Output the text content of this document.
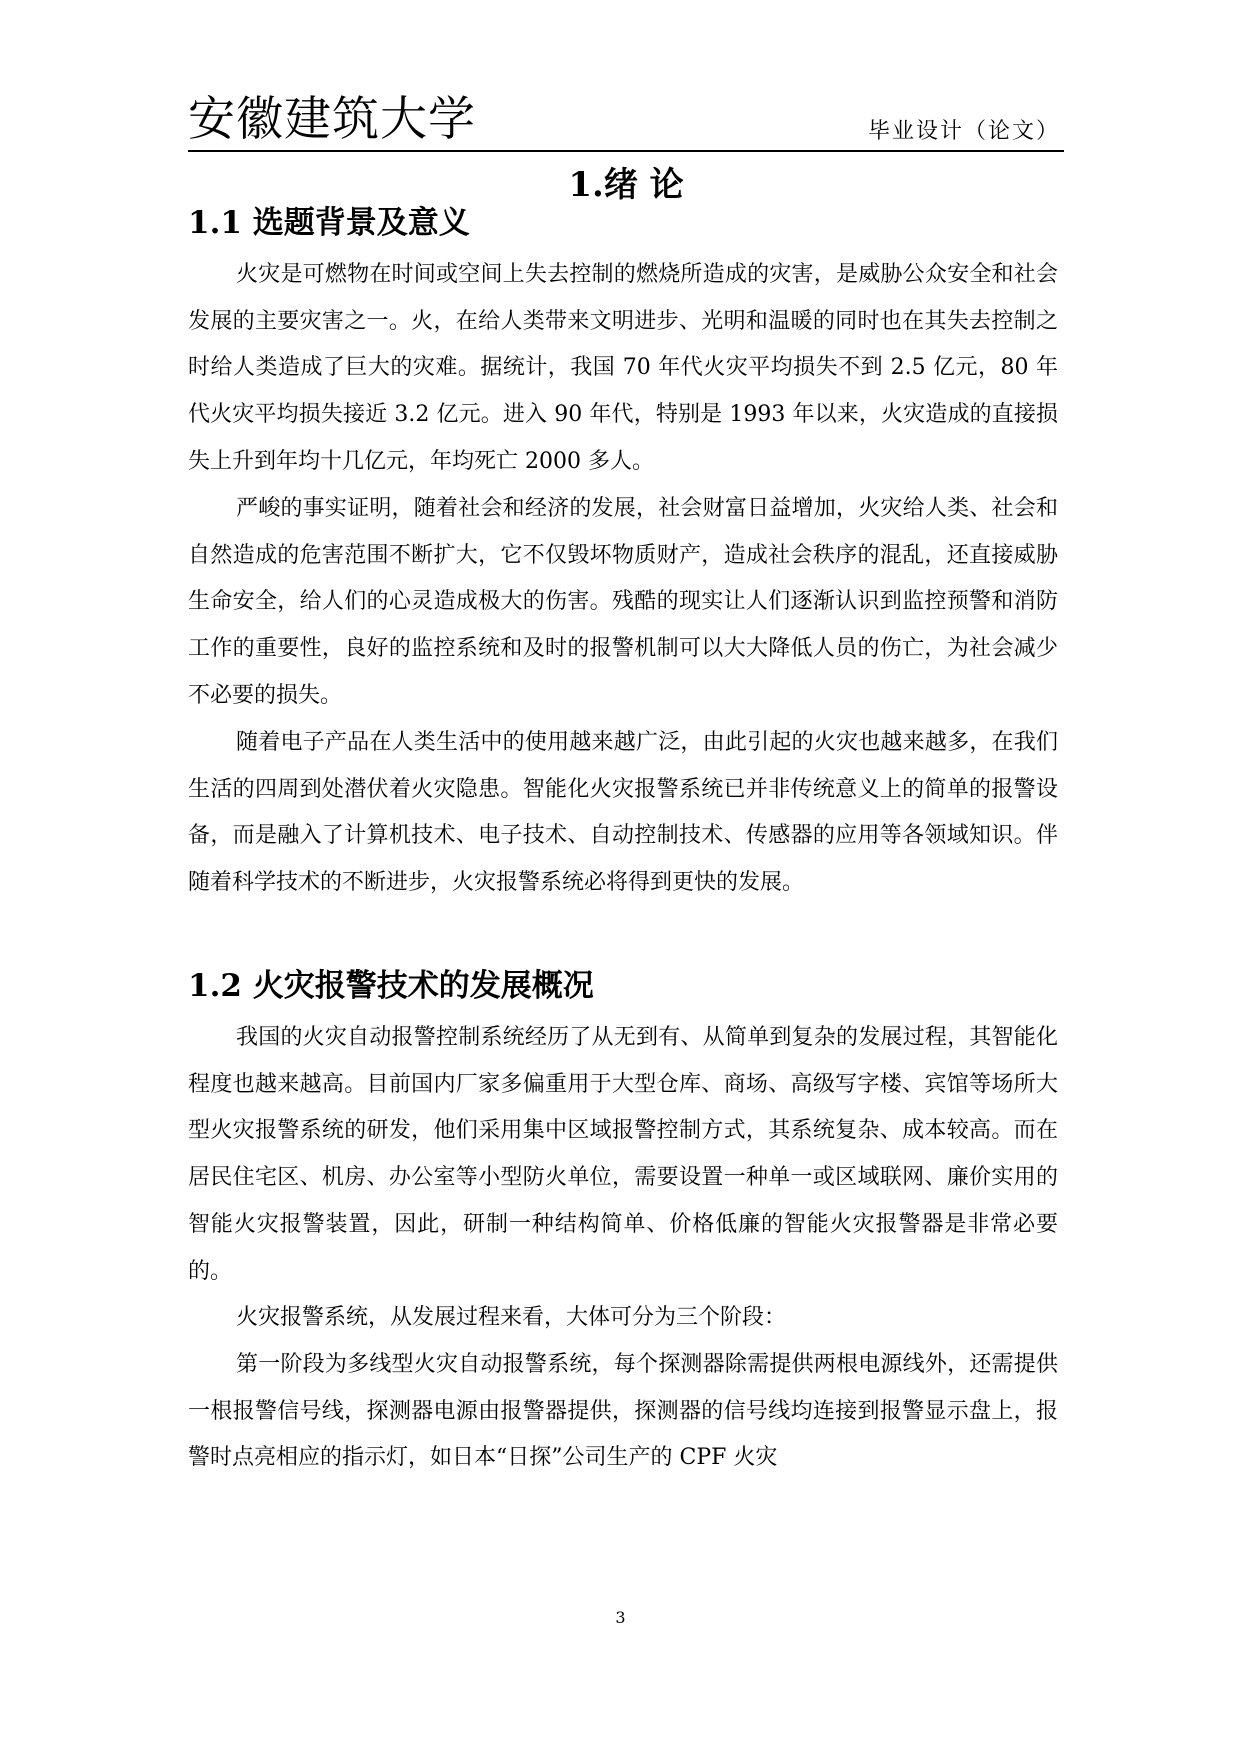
安徽建筑大学	毕业设计（论文）
1.绪 论
1.1 选题背景及意义

火灾是可燃物在时间或空间上失去控制的燃烧所造成的灾害，是威胁公众安全和社会发展的主要灾害之一。火，在给人类带来文明进步、光明和温暖的同时也在其失去控制之时给人类造成了巨大的灾难。据统计，我国 70 年代火灾平均损失不到 2.5 亿元，80 年代火灾平均损失接近 3.2 亿元。进入 90 年代，特别是 1993 年以来，火灾造成的直接损失上升到年均十几亿元，年均死亡 2000 多人。

严峻的事实证明，随着社会和经济的发展，社会财富日益增加，火灾给人类、社会和自然造成的危害范围不断扩大，它不仅毁坏物质财产，造成社会秩序的混乱，还直接威胁生命安全，给人们的心灵造成极大的伤害。残酷的现实让人们逐渐认识到监控预警和消防工作的重要性，良好的监控系统和及时的报警机制可以大大降低人员的伤亡，为社会减少不必要的损失。

随着电子产品在人类生活中的使用越来越广泛，由此引起的火灾也越来越多，在我们生活的四周到处潜伏着火灾隐患。智能化火灾报警系统已并非传统意义上的简单的报警设备，而是融入了计算机技术、电子技术、自动控制技术、传感器的应用等各领域知识。伴随着科学技术的不断进步，火灾报警系统必将得到更快的发展。

1.2 火灾报警技术的发展概况

我国的火灾自动报警控制系统经历了从无到有、从简单到复杂的发展过程，其智能化程度也越来越高。目前国内厂家多偏重用于大型仓库、商场、高级写字楼、宾馆等场所大型火灾报警系统的研发，他们采用集中区域报警控制方式，其系统复杂、成本较高。而在居民住宅区、机房、办公室等小型防火单位，需要设置一种单一或区域联网、廉价实用的智能火灾报警装置，因此，研制一种结构简单、价格低廉的智能火灾报警器是非常必要的。

火灾报警系统，从发展过程来看，大体可分为三个阶段：

第一阶段为多线型火灾自动报警系统，每个探测器除需提供两根电源线外，还需提供一根报警信号线，探测器电源由报警器提供，探测器的信号线均连接到报警显示盘上，报警时点亮相应的指示灯，如日本“日探”公司生产的 CPF 火灾

3
